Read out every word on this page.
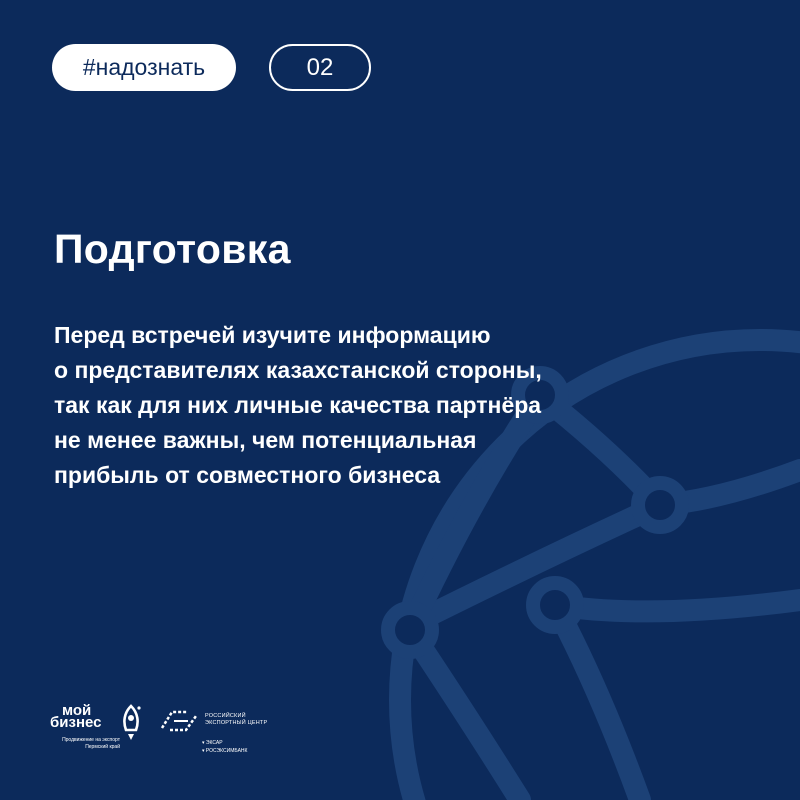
#надознать	02
Подготовка
Перед встречей изучите информацию
о представителях казахстанской стороны,
так как для них личные качества партнёра
не менее важны, чем потенциальная
прибыль от совместного бизнеса
мой
бизнес
Продвижение на экспорт
Пермский край
РОССИЙСКИЙ
ЭКСПОРТНЫЙ ЦЕНТР
▾ ЭКСАР
▾ РОСЭКСИМБАНК
